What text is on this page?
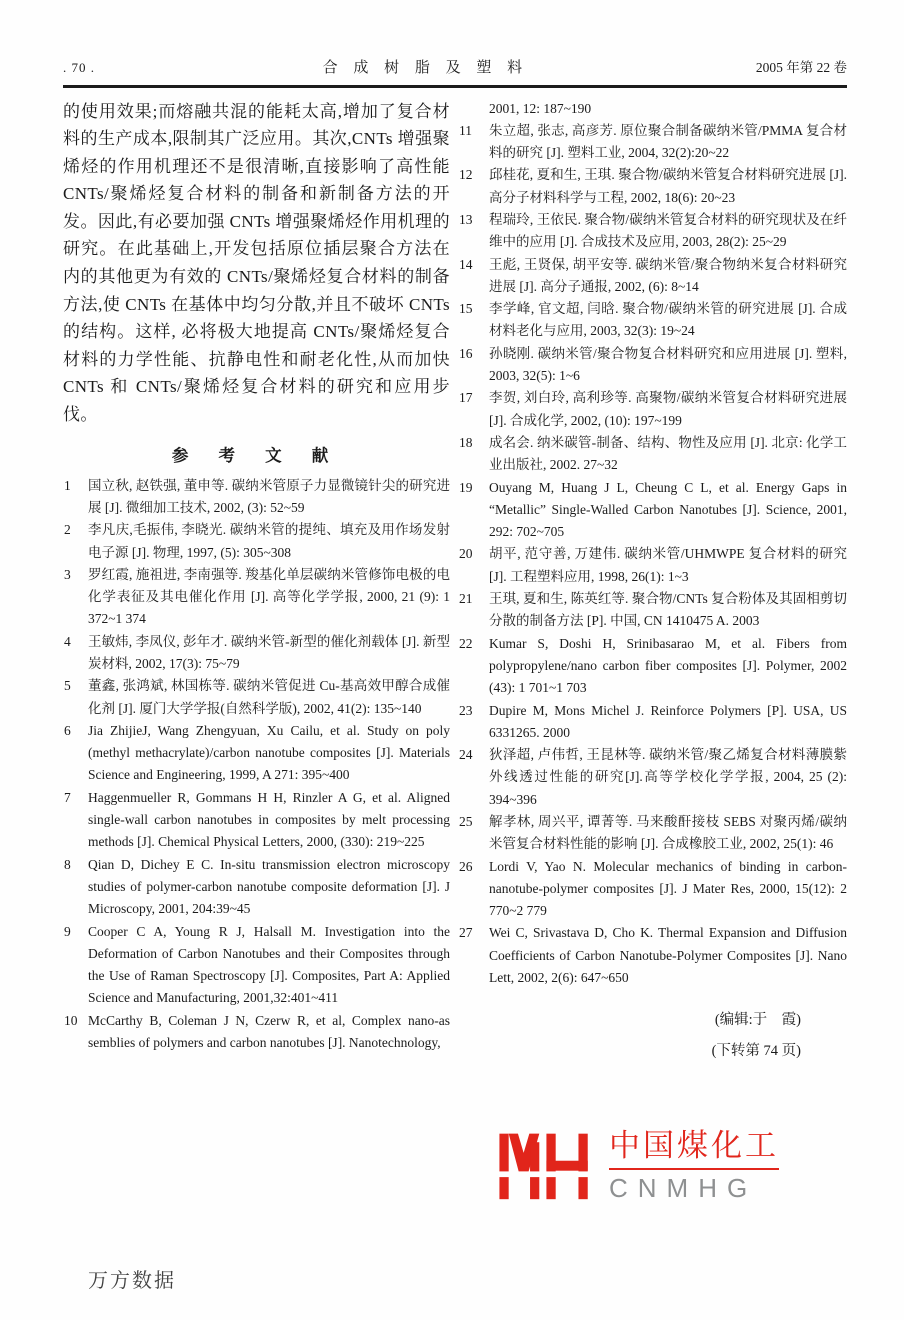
. 70 .	合 成 树 脂 及 塑 料	2005 年第 22 卷

的使用效果;而熔融共混的能耗太高,增加了复合材料的生产成本,限制其广泛应用。其次,CNTs 增强聚烯烃的作用机理还不是很清晰,直接影响了高性能 CNTs/聚烯烃复合材料的制备和新制备方法的开发。因此,有必要加强 CNTs 增强聚烯烃作用机理的研究。在此基础上,开发包括原位插层聚合方法在内的其他更为有效的 CNTs/聚烯烃复合材料的制备方法,使 CNTs 在基体中均匀分散,并且不破坏 CNTs 的结构。这样, 必将极大地提高 CNTs/聚烯烃复合材料的力学性能、抗静电性和耐老化性,从而加快 CNTs 和 CNTs/聚烯烃复合材料的研究和应用步伐。

参 考 文 献
1 国立秋, 赵铁强, 董申等. 碳纳米管原子力显微镜针尖的研究进展 [J]. 微细加工技术, 2002, (3): 52~59
2 李凡庆,毛振伟, 李晓光. 碳纳米管的提纯、填充及用作场发射电子源 [J]. 物理, 1997, (5): 305~308
3 罗红霞, 施祖进, 李南强等. 羧基化单层碳纳米管修饰电极的电化学表征及其电催化作用 [J]. 高等化学学报, 2000, 21 (9): 1 372~1 374
4 王敏炜, 李凤仪, 彭年才. 碳纳米管-新型的催化剂载体 [J]. 新型炭材料, 2002, 17(3): 75~79
5 董鑫, 张鸿斌, 林国栋等. 碳纳米管促进 Cu-基高效甲醇合成催化剂 [J]. 厦门大学学报(自然科学版), 2002, 41(2): 135~140
6 Jia ZhijieJ, Wang Zhengyuan, Xu Cailu, et al. Study on poly (methyl methacrylate)/carbon nanotube composites [J]. Materials Science and Engineering, 1999, A 271: 395~400
7 Haggenmueller R, Gommans H H, Rinzler A G, et al. Aligned single-wall carbon nanotubes in composites by melt processing methods [J]. Chemical Physical Letters, 2000, (330): 219~225
8 Qian D, Dichey E C. In-situ transmission electron microscopy studies of polymer-carbon nanotube composite deformation [J]. J Microscopy, 2001, 204:39~45
9 Cooper C A, Young R J, Halsall M. Investigation into the Deformation of Carbon Nanotubes and their Composites through the Use of Raman Spectroscopy [J]. Composites, Part A: Applied Science and Manufacturing, 2001,32:401~411
10 McCarthy B, Coleman J N, Czerw R, et al, Complex nano-as semblies of polymers and carbon nanotubes [J]. Nanotechnology,
2001, 12: 187~190
11 朱立超, 张志, 高彦芳. 原位聚合制备碳纳米管/PMMA 复合材料的研究 [J]. 塑料工业, 2004, 32(2):20~22
12 邱桂花, 夏和生, 王琪. 聚合物/碳纳米管复合材料研究进展 [J]. 高分子材料科学与工程, 2002, 18(6): 20~23
13 程瑞玲, 王依民. 聚合物/碳纳米管复合材料的研究现状及在纤维中的应用 [J]. 合成技术及应用, 2003, 28(2): 25~29
14 王彪, 王贤保, 胡平安等. 碳纳米管/聚合物纳米复合材料研究进展 [J]. 高分子通报, 2002, (6): 8~14
15 李学峰, 官文超, 闫晗. 聚合物/碳纳米管的研究进展 [J]. 合成材料老化与应用, 2003, 32(3): 19~24
16 孙晓刚. 碳纳米管/聚合物复合材料研究和应用进展 [J]. 塑料, 2003, 32(5): 1~6
17 李贺, 刘白玲, 高利珍等. 高聚物/碳纳米管复合材料研究进展 [J]. 合成化学, 2002, (10): 197~199
18 成名会. 纳米碳管-制备、结构、物性及应用 [J]. 北京: 化学工业出版社, 2002. 27~32
19 Ouyang M, Huang J L, Cheung C L, et al. Energy Gaps in “Metallic” Single-Walled Carbon Nanotubes [J]. Science, 2001, 292: 702~705
20 胡平, 范守善, 万建伟. 碳纳米管/UHMWPE 复合材料的研究 [J]. 工程塑料应用, 1998, 26(1): 1~3
21 王琪, 夏和生, 陈英红等. 聚合物/CNTs 复合粉体及其固相剪切分散的制备方法 [P]. 中国, CN 1410475 A. 2003
22 Kumar S, Doshi H, Srinibasarao M, et al. Fibers from polypropylene/nano carbon fiber composites [J]. Polymer, 2002 (43): 1 701~1 703
23 Dupire M, Mons Michel J. Reinforce Polymers [P]. USA, US 6331265. 2000
24 狄泽超, 卢伟哲, 王昆林等. 碳纳米管/聚乙烯复合材料薄膜紫外线透过性能的研究[J].高等学校化学学报, 2004, 25 (2): 394~396
25 解孝林, 周兴平, 谭菁等. 马来酸酐接枝 SEBS 对聚丙烯/碳纳米管复合材料性能的影响 [J]. 合成橡胶工业, 2002, 25(1): 46
26 Lordi V, Yao N. Molecular mechanics of binding in carbon-nanotube-polymer composites [J]. J Mater Res, 2000, 15(12): 2 770~2 779
27 Wei C, Srivastava D, Cho K. Thermal Expansion and Diffusion Coefficients of Carbon Nanotube-Polymer Composites [J]. Nano Lett, 2002, 2(6): 647~650
(编辑:于　霞)
(下转第 74 页)
中国煤化工
CNMHG
万方数据
